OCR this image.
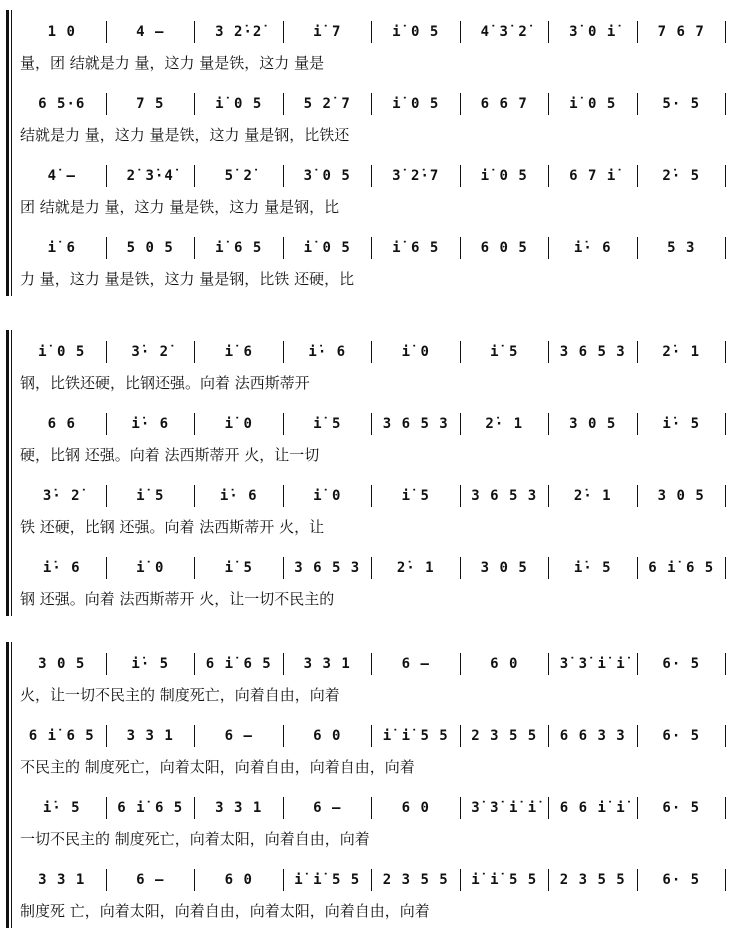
1 0	4 –	3 2̇·2̇	i̇ 7	i̇ 0 5	4̇ 3̇ 2̇	3̇ 0 i̇	7 6 7
量，团 结就是力 量，这力 量是铁，这力 量是
6 5·6	7 5	i̇ 0 5	5 2̇ 7	i̇ 0 5	6 6 7	i̇ 0 5	5· 5
结就是力 量，这力 量是铁，这力 量是钢，比铁还
4̇ –	2̇ 3̇·4̇	5̇ 2̇	3̇ 0 5	3̇ 2̇·7	i̇ 0 5	6 7 i̇	2̇· 5
团 结就是力 量，这力 量是铁，这力 量是钢，比
i̇ 6	5 0 5	i̇ 6 5	i̇ 0 5	i̇ 6 5	6 0 5	i̇· 6	5 3
力 量，这力 量是铁，这力 量是钢，比铁 还硬，比
i̇ 0 5	3̇· 2̇	i̇ 6	i̇· 6	i̇ 0	i̇ 5	3 6 5 3	2̇· 1
钢，比铁还硬，比钢还强。向着 法西斯蒂开
6 6	i̇· 6	i̇ 0	i̇ 5	3 6 5 3	2̇· 1	3 0 5	i̇· 5
硬，比钢 还强。向着 法西斯蒂开 火，让一切
3̇· 2̇	i̇ 5	i̇· 6	i̇ 0	i̇ 5	3 6 5 3	2̇· 1	3 0 5
铁 还硬，比钢 还强。向着 法西斯蒂开 火，让
i̇· 6	i̇ 0	i̇ 5	3 6 5 3	2̇· 1	3 0 5	i̇· 5	6 i̇ 6 5
钢 还强。向着 法西斯蒂开 火，让一切不民主的
3 0 5	i̇· 5	6 i̇ 6 5	3 3 1	6 –	6 0	3̇ 3̇ i̇ i̇	6· 5
火，让一切不民主的 制度死亡，向着自由，向着
6 i̇ 6 5	3 3 1	6 –	6 0	i̇ i̇ 5 5	2 3 5 5	6 6 3 3	6· 5
不民主的 制度死亡，向着太阳，向着自由，向着自由，向着
i̇· 5	6 i̇ 6 5	3 3 1	6 –	6 0	3̇ 3̇ i̇ i̇	6 6 i̇ i̇	6· 5
一切不民主的 制度死亡，向着太阳，向着自由，向着
3 3 1	6 –	6 0	i̇ i̇ 5 5	2 3 5 5	i̇ i̇ 5 5	2 3 5 5	6· 5
制度死 亡，向着太阳，向着自由，向着太阳，向着自由，向着
